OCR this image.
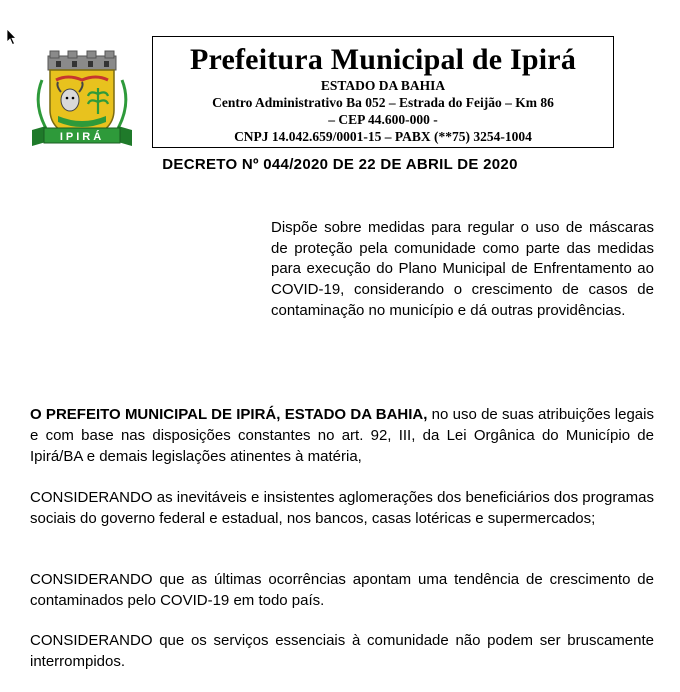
IPIRÁ
Prefeitura Municipal de Ipirá
ESTADO DA BAHIA
Centro Administrativo Ba 052 – Estrada do Feijão – Km 86
– CEP 44.600-000 -
CNPJ 14.042.659/0001-15 – PABX (**75) 3254-1004
DECRETO Nº 044/2020 DE 22 DE ABRIL DE 2020
Dispõe sobre medidas para regular o uso de máscaras de proteção pela comunidade como parte das medidas para execução do Plano Municipal de Enfrentamento ao COVID-19, considerando o crescimento de casos de contaminação no município e dá outras providências.

O PREFEITO MUNICIPAL DE IPIRÁ, ESTADO DA BAHIA, no uso de suas atribuições legais e com base nas disposições constantes no art. 92, III, da Lei Orgânica do Município de Ipirá/BA e demais legislações atinentes à matéria,

CONSIDERANDO as inevitáveis e insistentes aglomerações dos beneficiários dos programas sociais do governo federal e estadual, nos bancos, casas lotéricas e supermercados;

CONSIDERANDO que as últimas ocorrências apontam uma tendência de crescimento de contaminados pelo COVID-19 em todo país.

CONSIDERANDO que os serviços essenciais à comunidade não podem ser bruscamente interrompidos.
